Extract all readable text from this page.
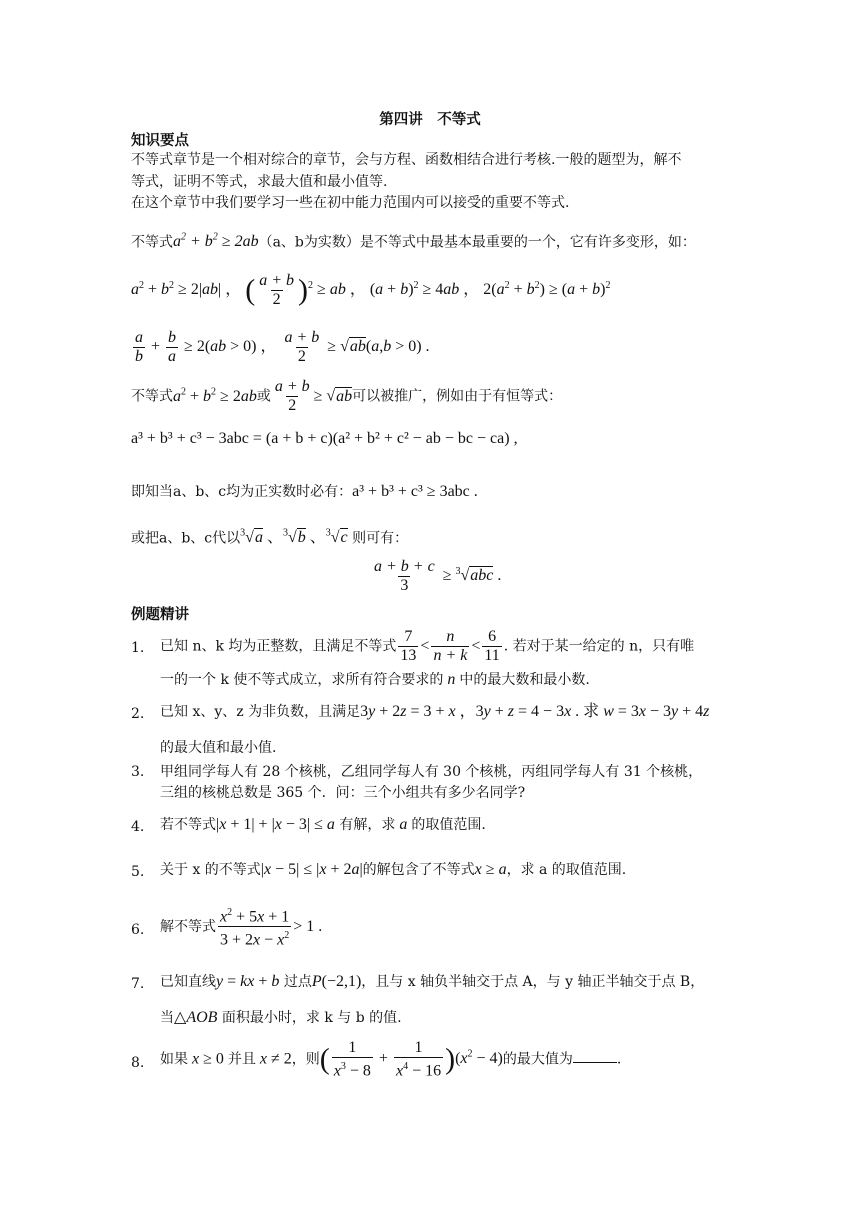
第四讲　不等式
知识要点
不等式章节是一个相对综合的章节，会与方程、函数相结合进行考核.一般的题型为，解不
等式，证明不等式，求最大值和最小值等.
在这个章节中我们要学习一些在初中能力范围内可以接受的重要不等式.
不等式$a^2 + b^2 \ge 2ab(a$、b为实数）是不等式中最基本最重要的一个，它有许多变形，如：
$a^2 + b^2 \ge 2|ab|$ ， ( $\frac{a + b}{2} )^2$ ≥ ab ， $(a + b)^2 \ge 4ab$ ， $2(a^2 + b^2) \ge (a + b)^2$
$\frac{a}{b} + \frac{b}{a} \ge 2(ab > 0)$ ， $\frac{a + b}{2} \ge √ab(a,b > 0)$ .
不等式$a^2 + b^2 \ge 2ab$或 $\frac{a + b}{2} \ge √ab$可以被推广，例如由于有恒等式：
a³ + b³ + c³ − 3abc = (a + b + c)(a² + b² + c² − ab − bc − ca) ,
即知当a、b、c均为正实数时必有：a³ + b³ + c³ ≥ 3abc .
或把a、b、c代以$^3$√a 、$^3$√b 、$^3$√c 则可有：
$\frac{a + b + c}{3} \ge ^3√abc$ .
例题精讲
1. 已知 n、k 均为正整数，且满足不等式 $\frac{7}{13} < \frac{n}{n + k} < \frac{6}{11}$ . 若对于某一给定的 n，只有唯
一的一个 k 使不等式成立，求所有符合要求的 n 中的最大数和最小数.
2. 已知 x、y、z 为非负数，且满足3y + 2z = 3 + x ，3y + z = 4 − 3x . 求 w = 3x − 3y + 4z
的最大值和最小值.
3. 甲组同学每人有 28 个核桃，乙组同学每人有 30 个核桃，丙组同学每人有 31 个核桃，
三组的核桃总数是 365 个．问：三个小组共有多少名同学?
4. 若不等式|x + 1| + |x − 3| ≤ a 有解，求 a 的取值范围.
5. 关于 x 的不等式|x − 5| ≤ |x + 2a|的解包含了不等式x ≥ a，求 a 的取值范围.
6. 解不等式 $\frac{x^2 + 5x + 1}{3 + 2x - x^2} > 1$ .
7. 已知直线y = kx + b 过点P(−2,1)，且与 x 轴负半轴交于点 A，与 y 轴正半轴交于点 B，
当△AOB 面积最小时，求 k 与 b 的值.
8. 如果 x ≥ 0 并且 x ≠ 2，则( $\frac{1}{x^3 - 8} + \frac{1}{x^4 - 16} )(x^2 - 4)$的最大值为	.
